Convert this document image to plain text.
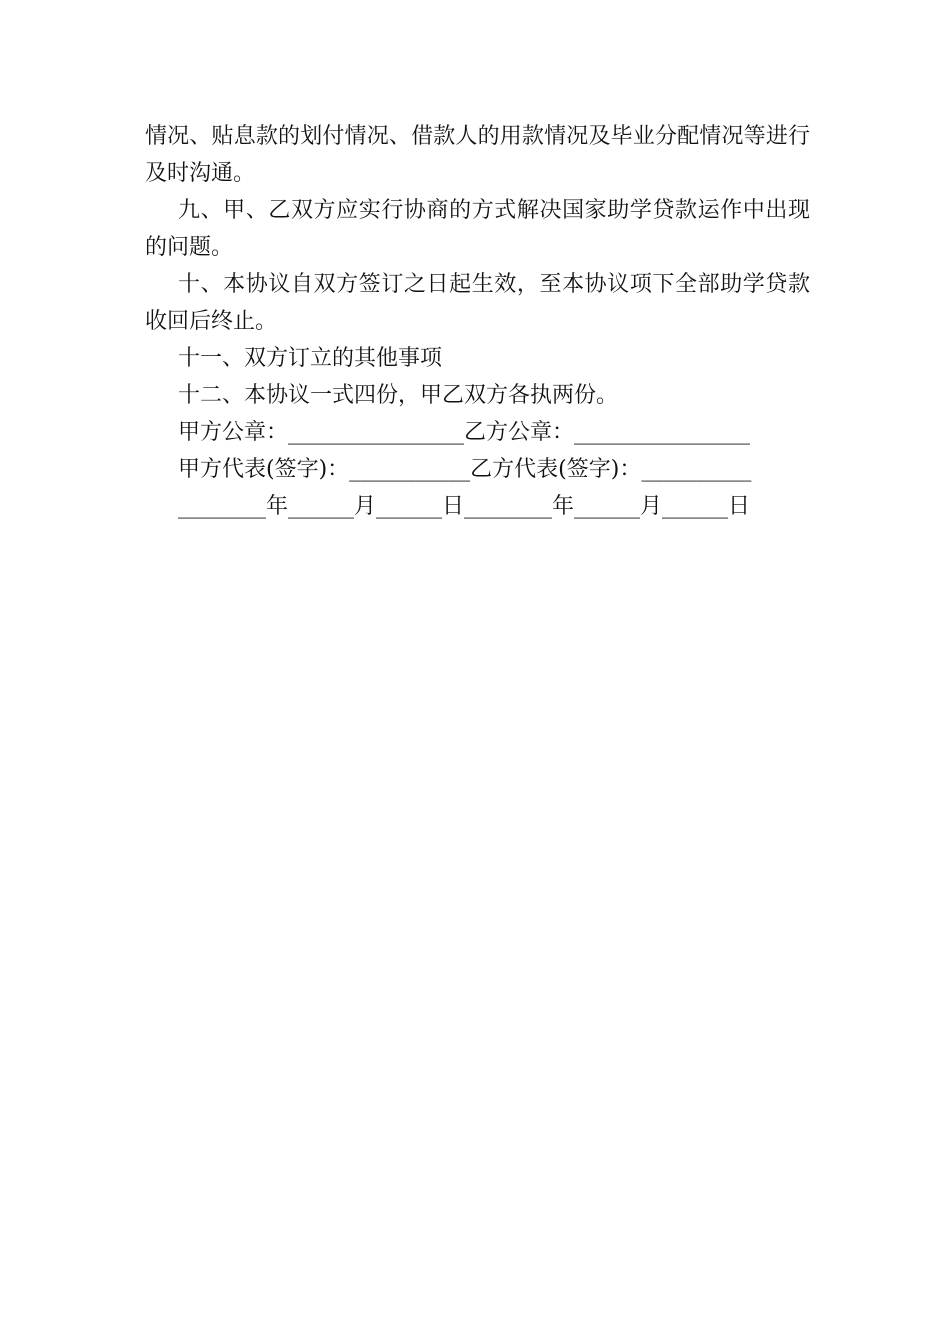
情况、贴息款的划付情况、借款人的用款情况及毕业分配情况等进行及时沟通。

九、甲、乙双方应实行协商的方式解决国家助学贷款运作中出现的问题。

十、本协议自双方签订之日起生效，至本协议项下全部助学贷款收回后终止。

十一、双方订立的其他事项

十二、本协议一式四份，甲乙双方各执两份。

甲方公章：________________乙方公章：________________

甲方代表(签字)：___________乙方代表(签字)：__________

________年______月______日________年______月______日
